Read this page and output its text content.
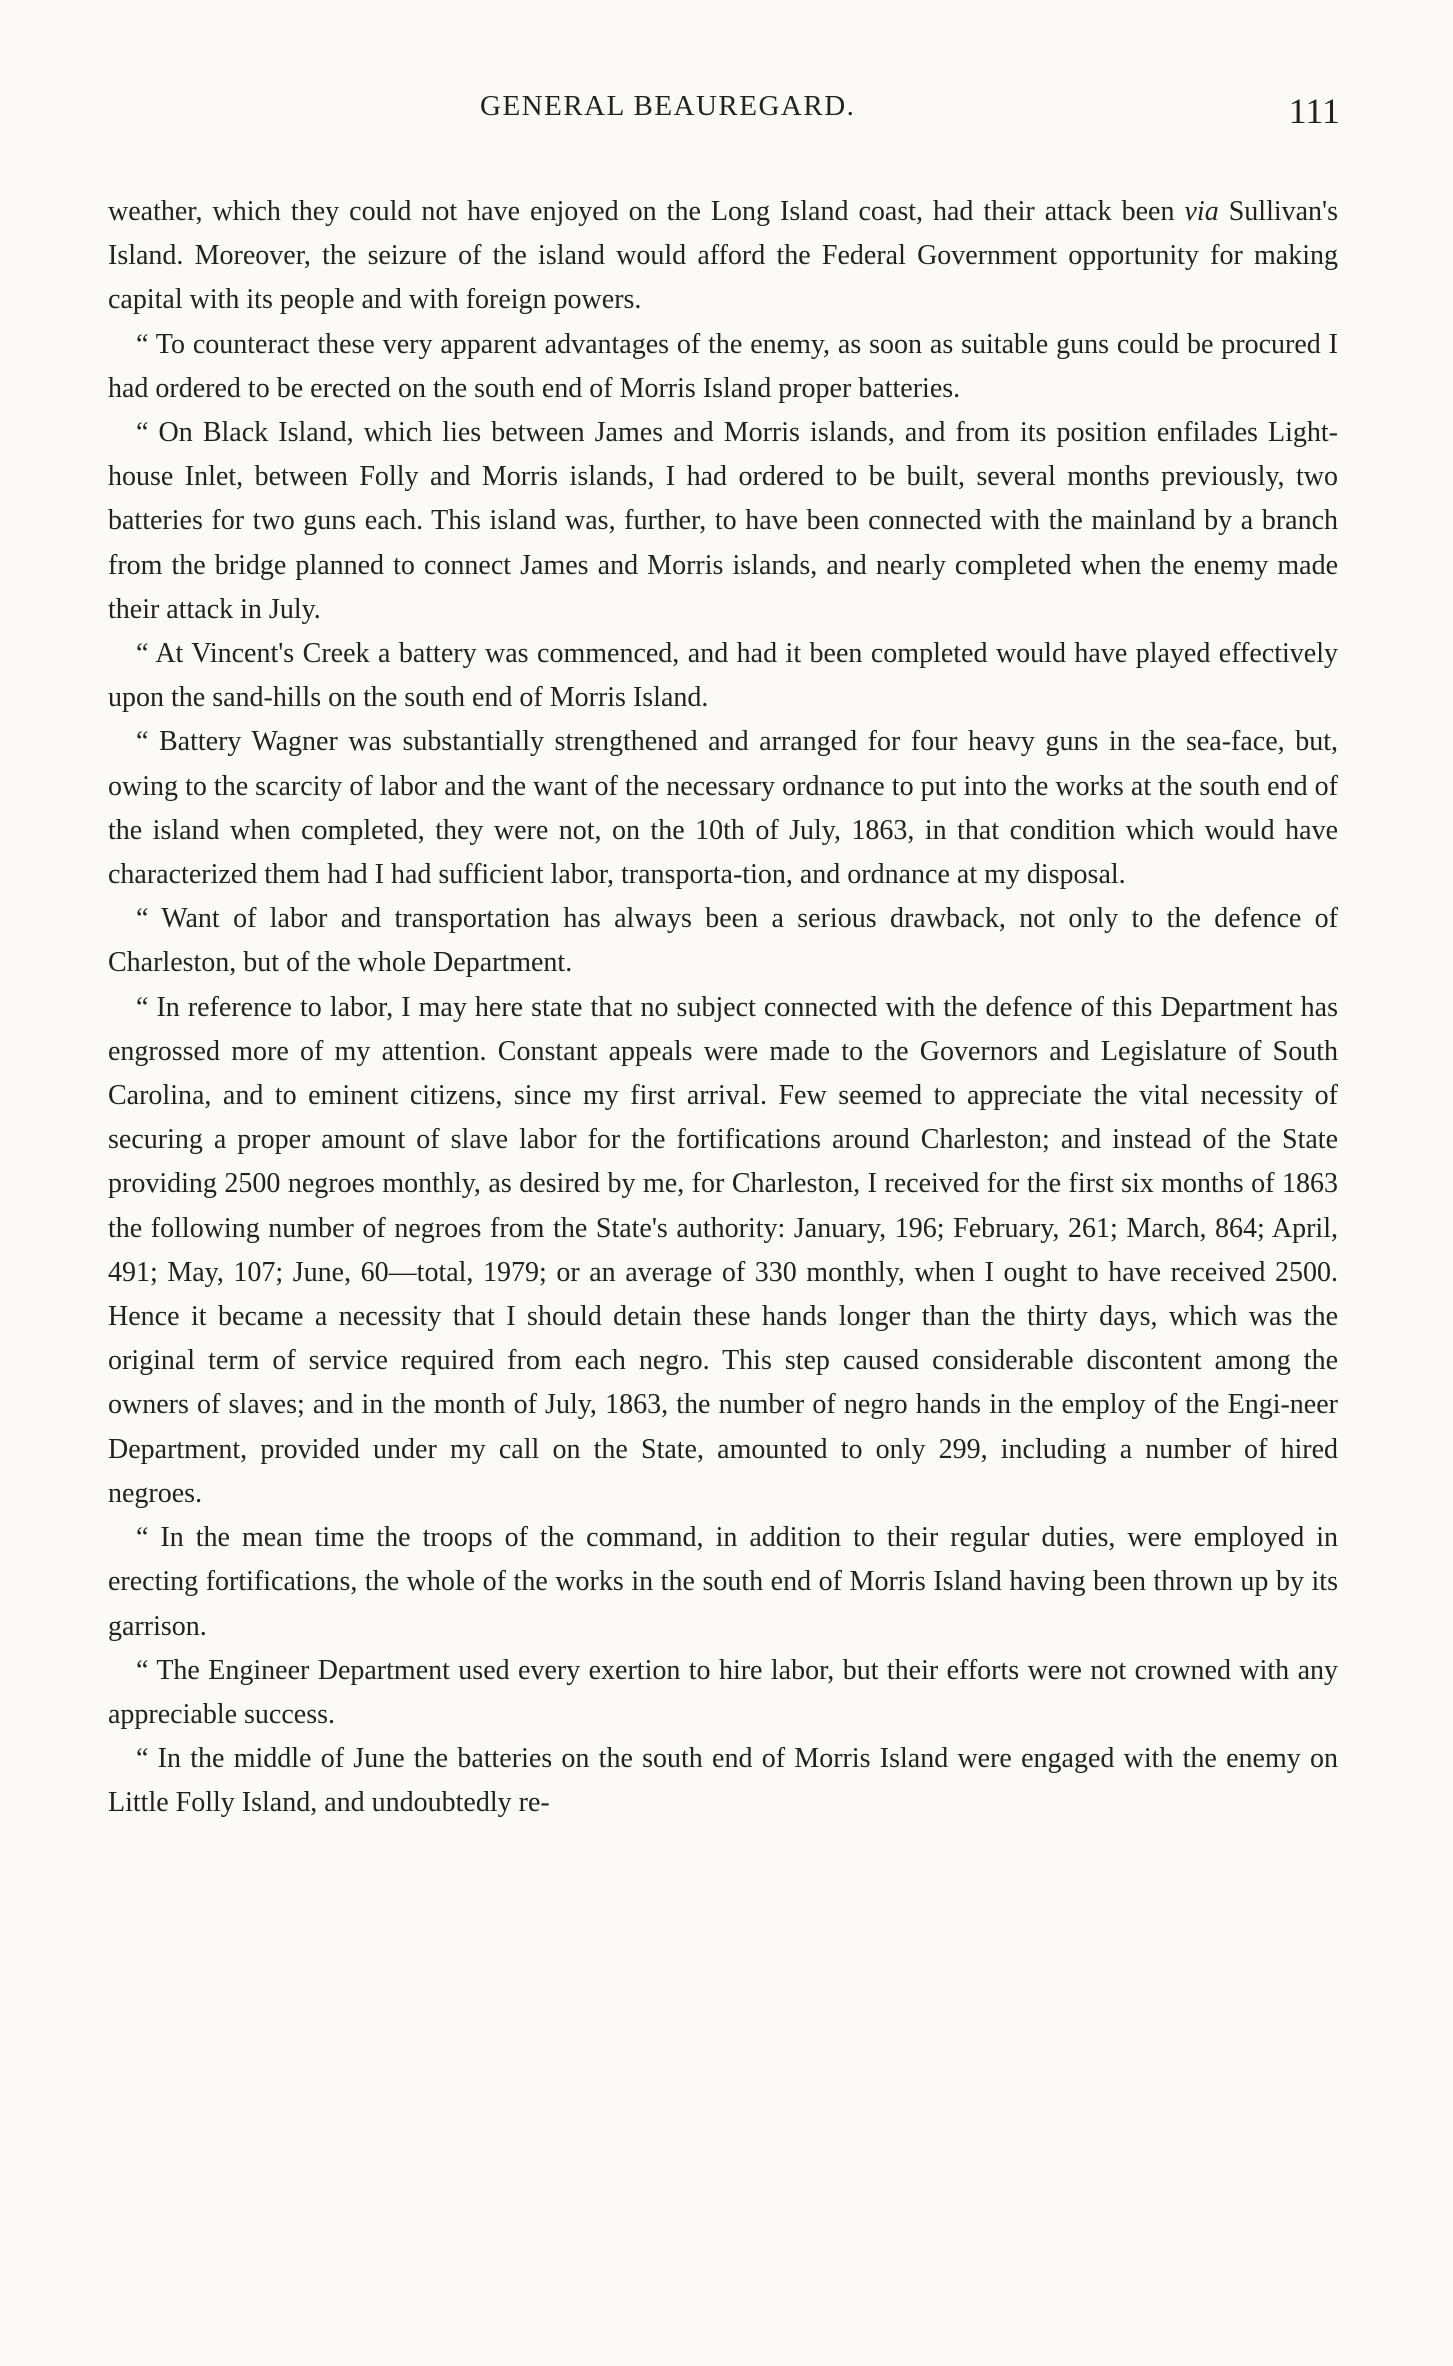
GENERAL BEAUREGARD.	111

weather, which they could not have enjoyed on the Long Island coast, had their attack been via Sullivan's Island. Moreover, the seizure of the island would afford the Federal Government opportunity for making capital with its people and with foreign powers.

“ To counteract these very apparent advantages of the enemy, as soon as suitable guns could be procured I had ordered to be erected on the south end of Morris Island proper batteries.

“ On Black Island, which lies between James and Morris islands, and from its position enfilades Light-house Inlet, between Folly and Morris islands, I had ordered to be built, several months previously, two batteries for two guns each. This island was, further, to have been connected with the mainland by a branch from the bridge planned to connect James and Morris islands, and nearly completed when the enemy made their attack in July.

“ At Vincent's Creek a battery was commenced, and had it been completed would have played effectively upon the sand-hills on the south end of Morris Island.

“ Battery Wagner was substantially strengthened and arranged for four heavy guns in the sea-face, but, owing to the scarcity of labor and the want of the necessary ordnance to put into the works at the south end of the island when completed, they were not, on the 10th of July, 1863, in that condition which would have characterized them had I had sufficient labor, transporta-tion, and ordnance at my disposal.

“ Want of labor and transportation has always been a serious drawback, not only to the defence of Charleston, but of the whole Department.

“ In reference to labor, I may here state that no subject connected with the defence of this Department has engrossed more of my attention. Constant appeals were made to the Governors and Legislature of South Carolina, and to eminent citizens, since my first arrival. Few seemed to appreciate the vital necessity of securing a proper amount of slave labor for the fortifications around Charleston; and instead of the State providing 2500 negroes monthly, as desired by me, for Charleston, I received for the first six months of 1863 the following number of negroes from the State's authority: January, 196; February, 261; March, 864; April, 491; May, 107; June, 60—total, 1979; or an average of 330 monthly, when I ought to have received 2500. Hence it became a necessity that I should detain these hands longer than the thirty days, which was the original term of service required from each negro. This step caused considerable discontent among the owners of slaves; and in the month of July, 1863, the number of negro hands in the employ of the Engi-neer Department, provided under my call on the State, amounted to only 299, including a number of hired negroes.

“ In the mean time the troops of the command, in addition to their regular duties, were employed in erecting fortifications, the whole of the works in the south end of Morris Island having been thrown up by its garrison.

“ The Engineer Department used every exertion to hire labor, but their efforts were not crowned with any appreciable success.

“ In the middle of June the batteries on the south end of Morris Island were engaged with the enemy on Little Folly Island, and undoubtedly re-
